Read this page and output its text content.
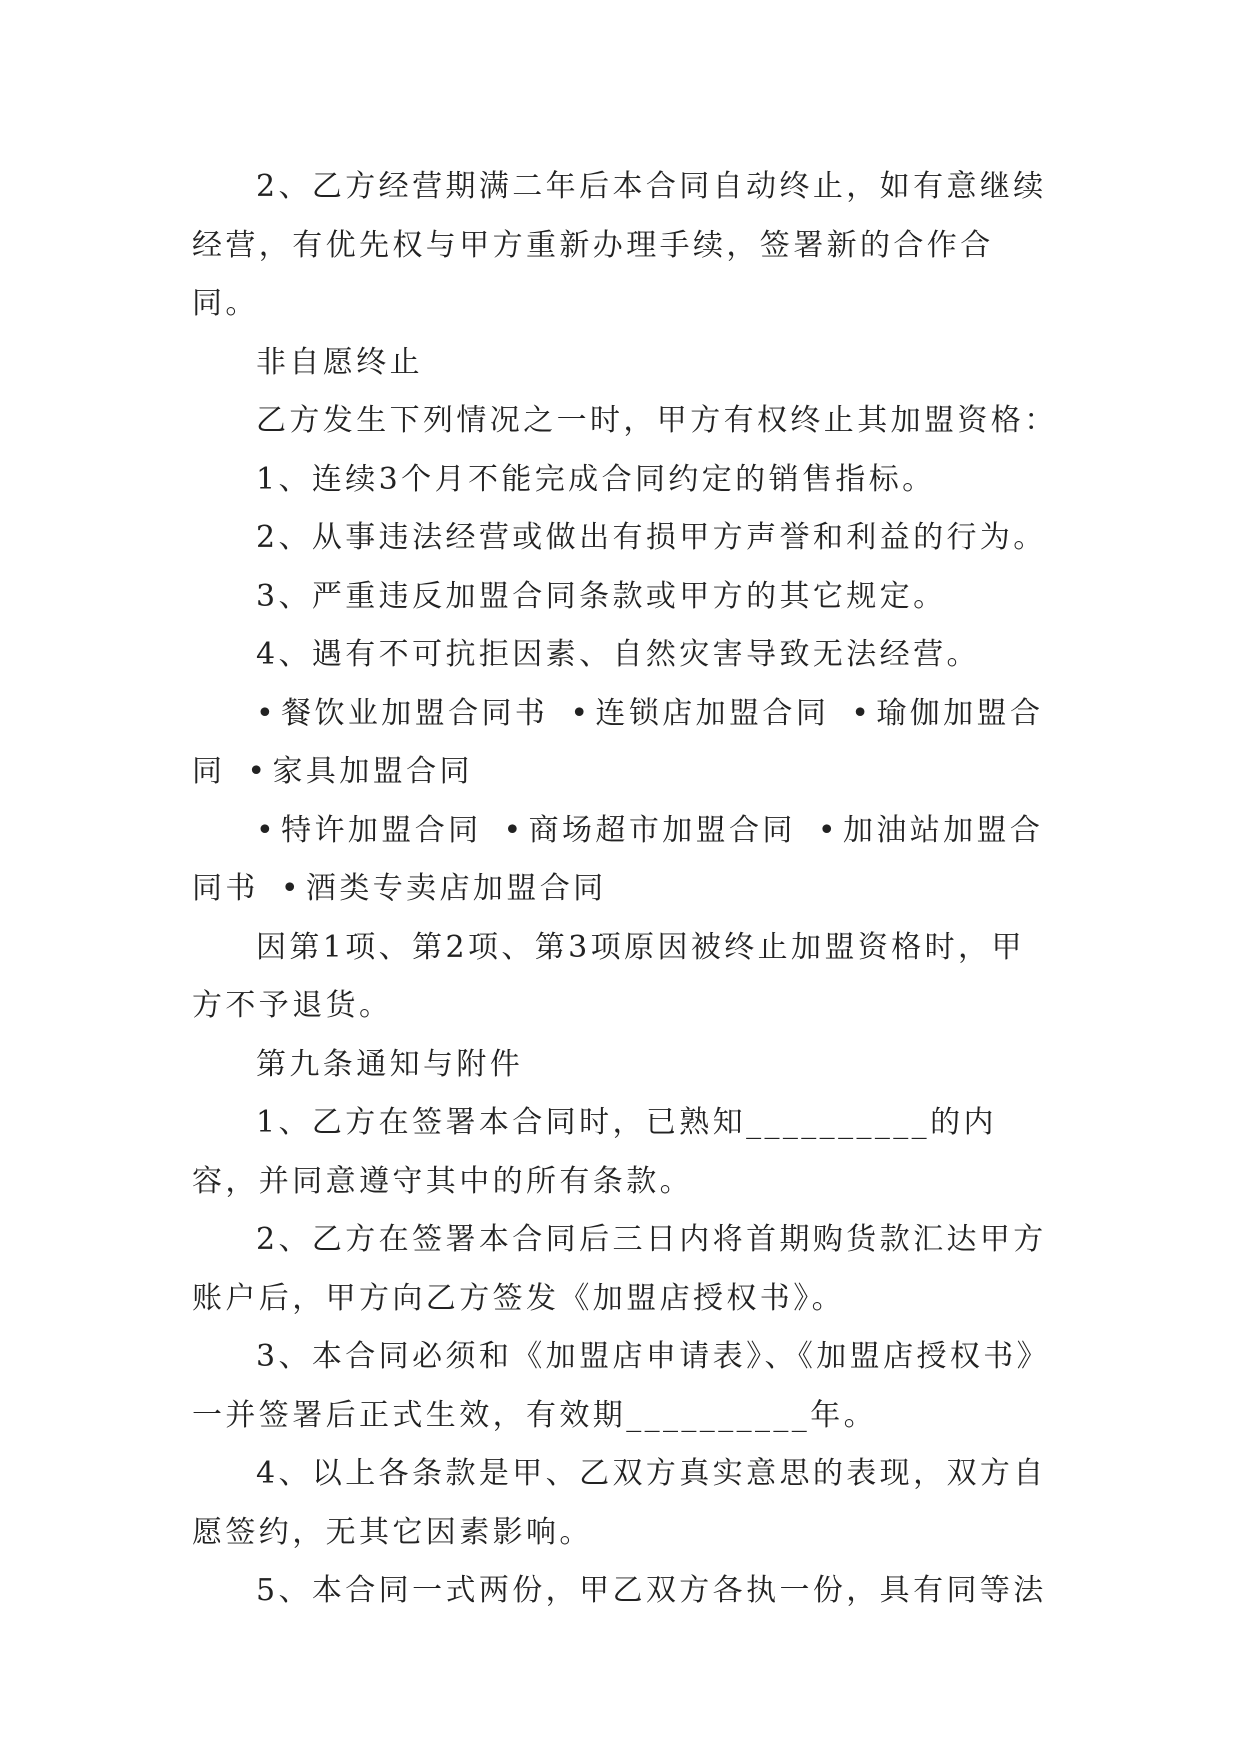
2、乙方经营期满二年后本合同自动终止，如有意继续经营，有优先权与甲方重新办理手续，签署新的合作合同。

非自愿终止

乙方发生下列情况之一时，甲方有权终止其加盟资格：

1、连续3个月不能完成合同约定的销售指标。

2、从事违法经营或做出有损甲方声誉和利益的行为。

3、严重违反加盟合同条款或甲方的其它规定。

4、遇有不可抗拒因素、自然灾害导致无法经营。

• 餐饮业加盟合同书 • 连锁店加盟合同 • 瑜伽加盟合同 • 家具加盟合同

• 特许加盟合同 • 商场超市加盟合同 • 加油站加盟合同书 • 酒类专卖店加盟合同

因第1项、第2项、第3项原因被终止加盟资格时，甲方不予退货。

第九条通知与附件

1、乙方在签署本合同时，已熟知__________的内容，并同意遵守其中的所有条款。

2、乙方在签署本合同后三日内将首期购货款汇达甲方账户后，甲方向乙方签发《加盟店授权书》。

3、本合同必须和《加盟店申请表》、《加盟店授权书》一并签署后正式生效，有效期__________年。

4、以上各条款是甲、乙双方真实意思的表现，双方自愿签约，无其它因素影响。

5、本合同一式两份，甲乙双方各执一份，具有同等法
